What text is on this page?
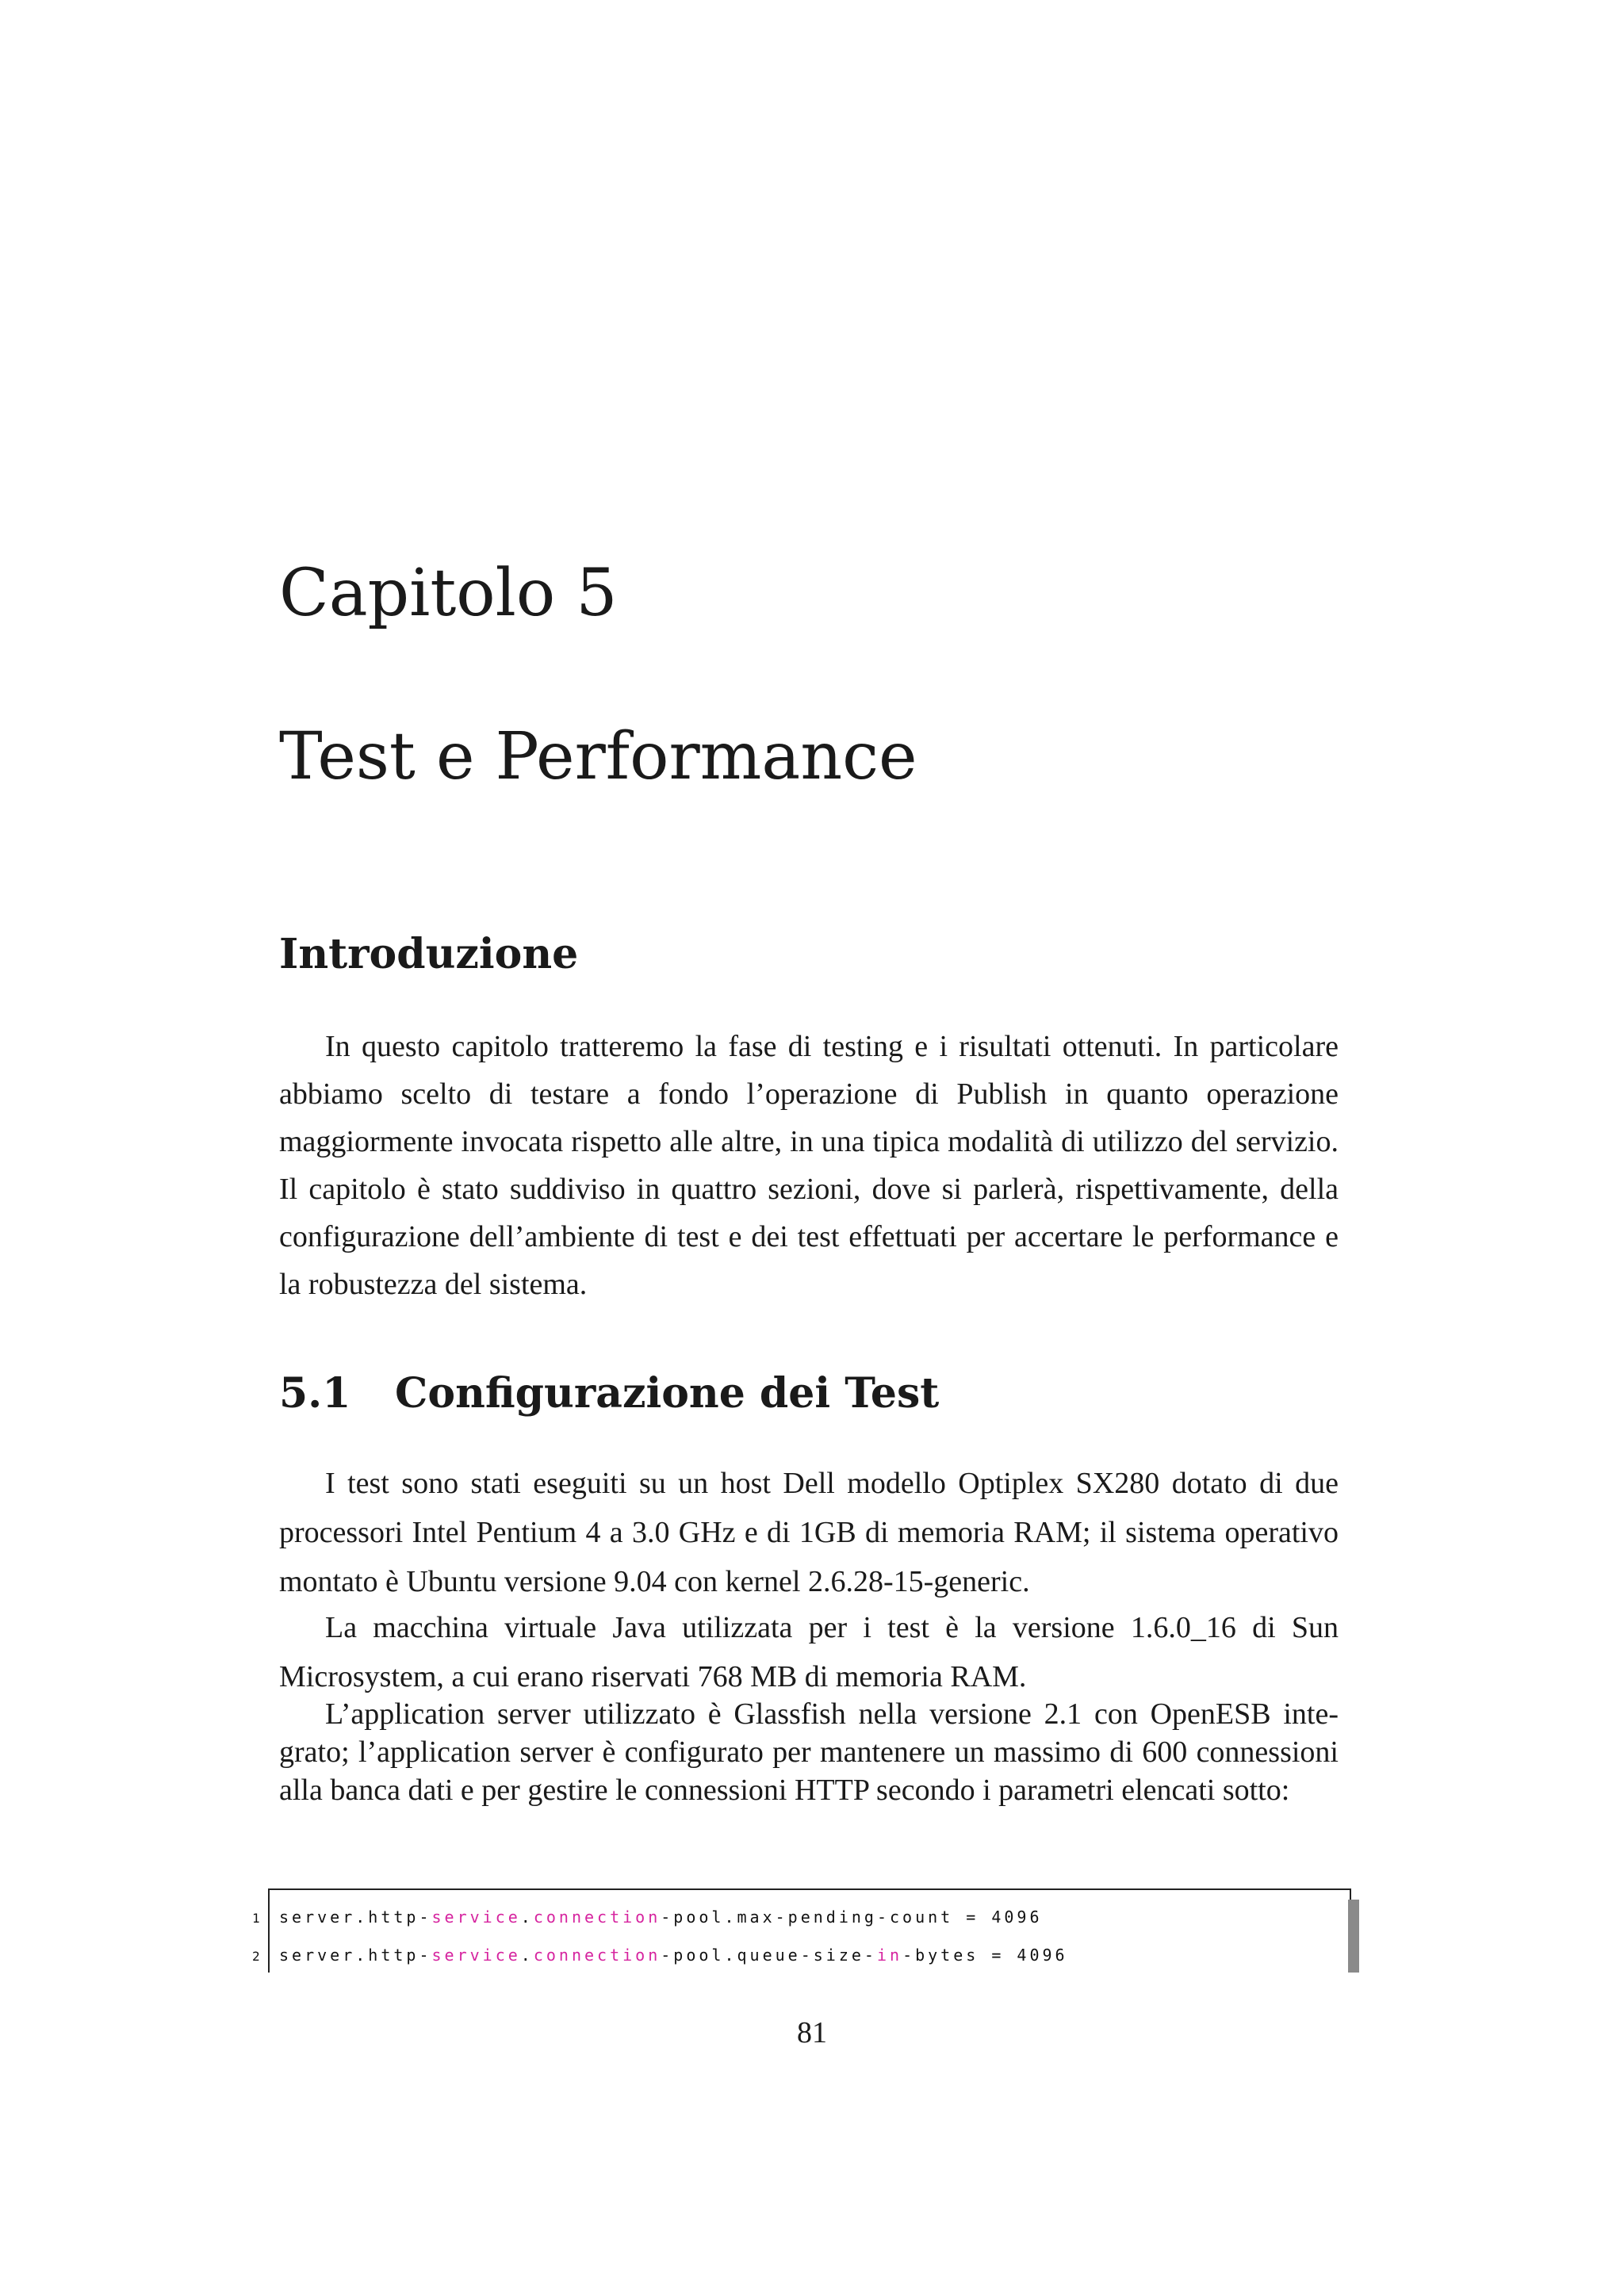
Capitolo 5
Test e Performance
Introduzione

In questo capitolo tratteremo la fase di testing e i risultati ottenuti. In particolare abbiamo scelto di testare a fondo l’operazione di Publish in quanto operazione maggiormente invocata rispetto alle altre, in una tipica modalità di utilizzo del servizio. Il capitolo è stato suddiviso in quattro sezioni, dove si parlerà, rispettivamente, della configurazione dell’ambiente di test e dei test effettuati per accertare le performance e la robustezza del sistema.

5.1 Configurazione dei Test

I test sono stati eseguiti su un host Dell modello Optiplex SX280 dotato di due processori Intel Pentium 4 a 3.0 GHz e di 1GB di memoria RAM; il sistema operativo montato è Ubuntu versione 9.04 con kernel 2.6.28-15-generic.

La macchina virtuale Java utilizzata per i test è la versione 1.6.0_16 di Sun Microsystem, a cui erano riservati 768 MB di memoria RAM.

L’application server utilizzato è Glassfish nella versione 2.1 con OpenESB integrato; l’application server è configurato per mantenere un massimo di 600 connessioni alla banca dati e per gestire le connessioni HTTP secondo i parametri elencati sotto:

1 server.http-service.connection-pool.max-pending-count = 4096
2 server.http-service.connection-pool.queue-size-in-bytes = 4096

81
